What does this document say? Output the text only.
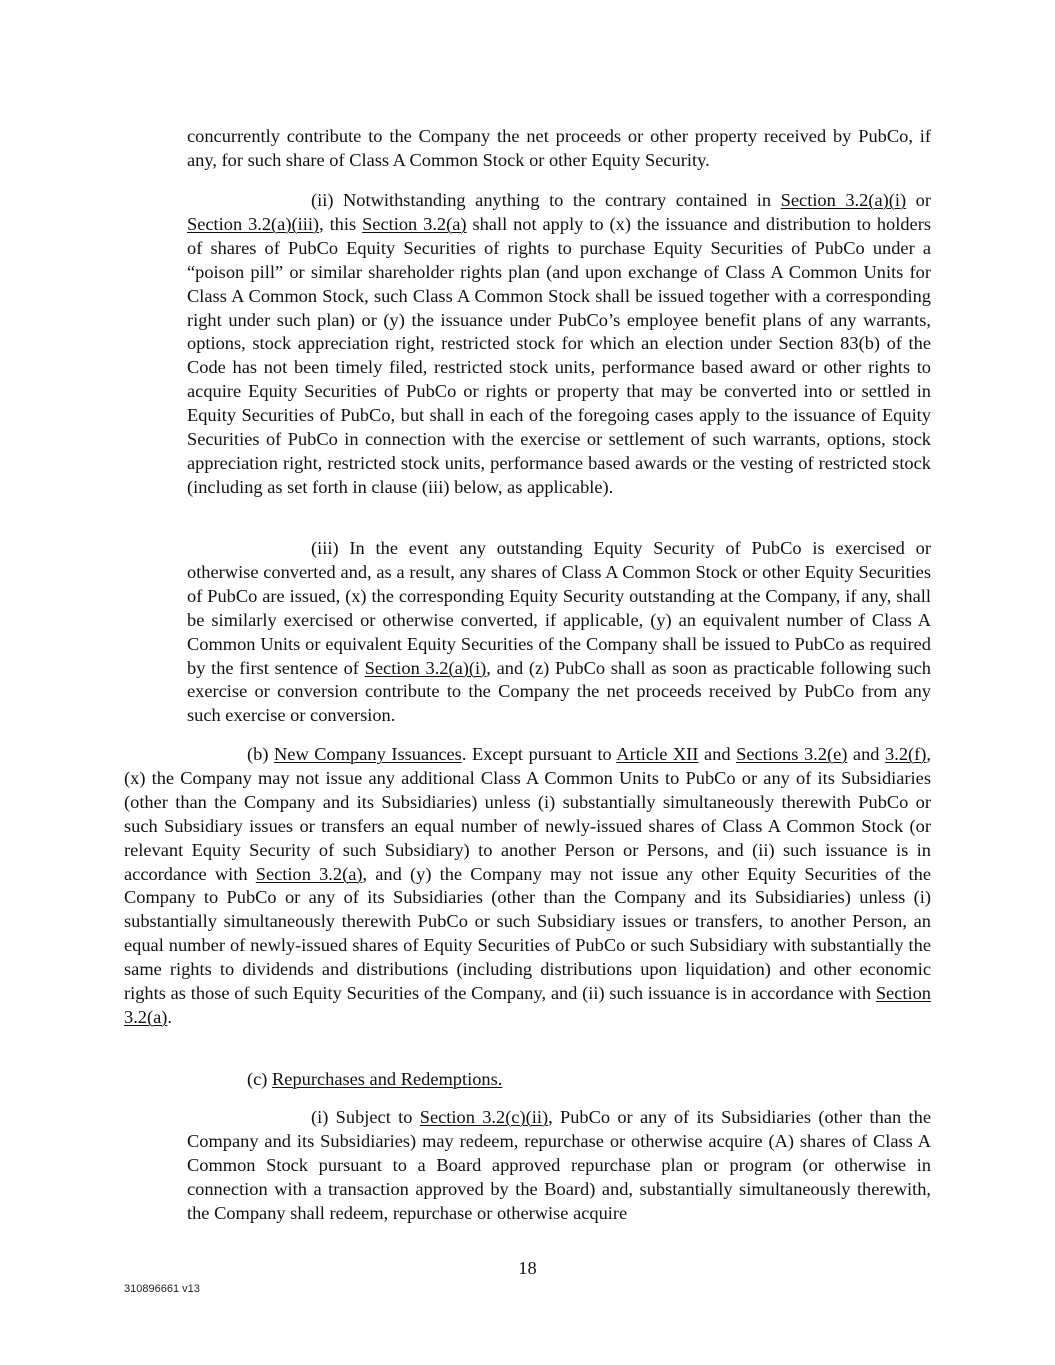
concurrently contribute to the Company the net proceeds or other property received by PubCo, if any, for such share of Class A Common Stock or other Equity Security.

(ii) Notwithstanding anything to the contrary contained in Section 3.2(a)(i) or Section 3.2(a)(iii), this Section 3.2(a) shall not apply to (x) the issuance and distribution to holders of shares of PubCo Equity Securities of rights to purchase Equity Securities of PubCo under a “poison pill” or similar shareholder rights plan (and upon exchange of Class A Common Units for Class A Common Stock, such Class A Common Stock shall be issued together with a corresponding right under such plan) or (y) the issuance under PubCo’s employee benefit plans of any warrants, options, stock appreciation right, restricted stock for which an election under Section 83(b) of the Code has not been timely filed, restricted stock units, performance based award or other rights to acquire Equity Securities of PubCo or rights or property that may be converted into or settled in Equity Securities of PubCo, but shall in each of the foregoing cases apply to the issuance of Equity Securities of PubCo in connection with the exercise or settlement of such warrants, options, stock appreciation right, restricted stock units, performance based awards or the vesting of restricted stock (including as set forth in clause (iii) below, as applicable).

(iii) In the event any outstanding Equity Security of PubCo is exercised or otherwise converted and, as a result, any shares of Class A Common Stock or other Equity Securities of PubCo are issued, (x) the corresponding Equity Security outstanding at the Company, if any, shall be similarly exercised or otherwise converted, if applicable, (y) an equivalent number of Class A Common Units or equivalent Equity Securities of the Company shall be issued to PubCo as required by the first sentence of Section 3.2(a)(i), and (z) PubCo shall as soon as practicable following such exercise or conversion contribute to the Company the net proceeds received by PubCo from any such exercise or conversion.

(b) New Company Issuances. Except pursuant to Article XII and Sections 3.2(e) and 3.2(f), (x) the Company may not issue any additional Class A Common Units to PubCo or any of its Subsidiaries (other than the Company and its Subsidiaries) unless (i) substantially simultaneously therewith PubCo or such Subsidiary issues or transfers an equal number of newly-issued shares of Class A Common Stock (or relevant Equity Security of such Subsidiary) to another Person or Persons, and (ii) such issuance is in accordance with Section 3.2(a), and (y) the Company may not issue any other Equity Securities of the Company to PubCo or any of its Subsidiaries (other than the Company and its Subsidiaries) unless (i) substantially simultaneously therewith PubCo or such Subsidiary issues or transfers, to another Person, an equal number of newly-issued shares of Equity Securities of PubCo or such Subsidiary with substantially the same rights to dividends and distributions (including distributions upon liquidation) and other economic rights as those of such Equity Securities of the Company, and (ii) such issuance is in accordance with Section 3.2(a).

(c) Repurchases and Redemptions.

(i) Subject to Section 3.2(c)(ii), PubCo or any of its Subsidiaries (other than the Company and its Subsidiaries) may redeem, repurchase or otherwise acquire (A) shares of Class A Common Stock pursuant to a Board approved repurchase plan or program (or otherwise in connection with a transaction approved by the Board) and, substantially simultaneously therewith, the Company shall redeem, repurchase or otherwise acquire

18
310896661 v13
